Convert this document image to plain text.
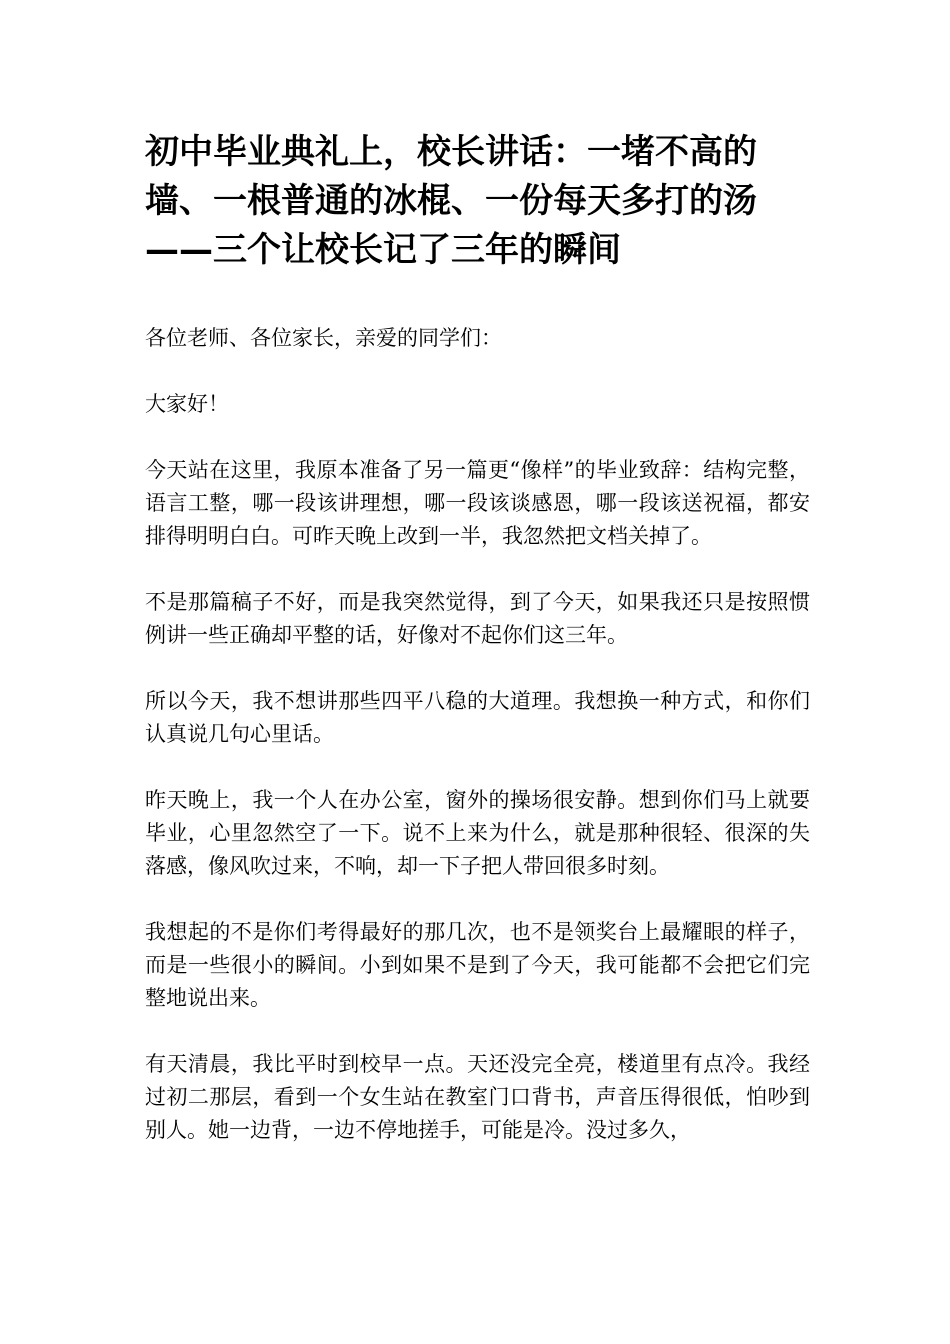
初中毕业典礼上，校长讲话：一堵不高的墙、一根普通的冰棍、一份每天多打的汤——三个让校长记了三年的瞬间

各位老师、各位家长，亲爱的同学们：

大家好！

今天站在这里，我原本准备了另一篇更“像样”的毕业致辞：结构完整，语言工整，哪一段该讲理想，哪一段该谈感恩，哪一段该送祝福，都安排得明明白白。可昨天晚上改到一半，我忽然把文档关掉了。

不是那篇稿子不好，而是我突然觉得，到了今天，如果我还只是按照惯例讲一些正确却平整的话，好像对不起你们这三年。

所以今天，我不想讲那些四平八稳的大道理。我想换一种方式，和你们认真说几句心里话。

昨天晚上，我一个人在办公室，窗外的操场很安静。想到你们马上就要毕业，心里忽然空了一下。说不上来为什么，就是那种很轻、很深的失落感，像风吹过来，不响，却一下子把人带回很多时刻。

我想起的不是你们考得最好的那几次，也不是领奖台上最耀眼的样子，而是一些很小的瞬间。小到如果不是到了今天，我可能都不会把它们完整地说出来。

有天清晨，我比平时到校早一点。天还没完全亮，楼道里有点冷。我经过初二那层，看到一个女生站在教室门口背书，声音压得很低，怕吵到别人。她一边背，一边不停地搓手，可能是冷。没过多久，
